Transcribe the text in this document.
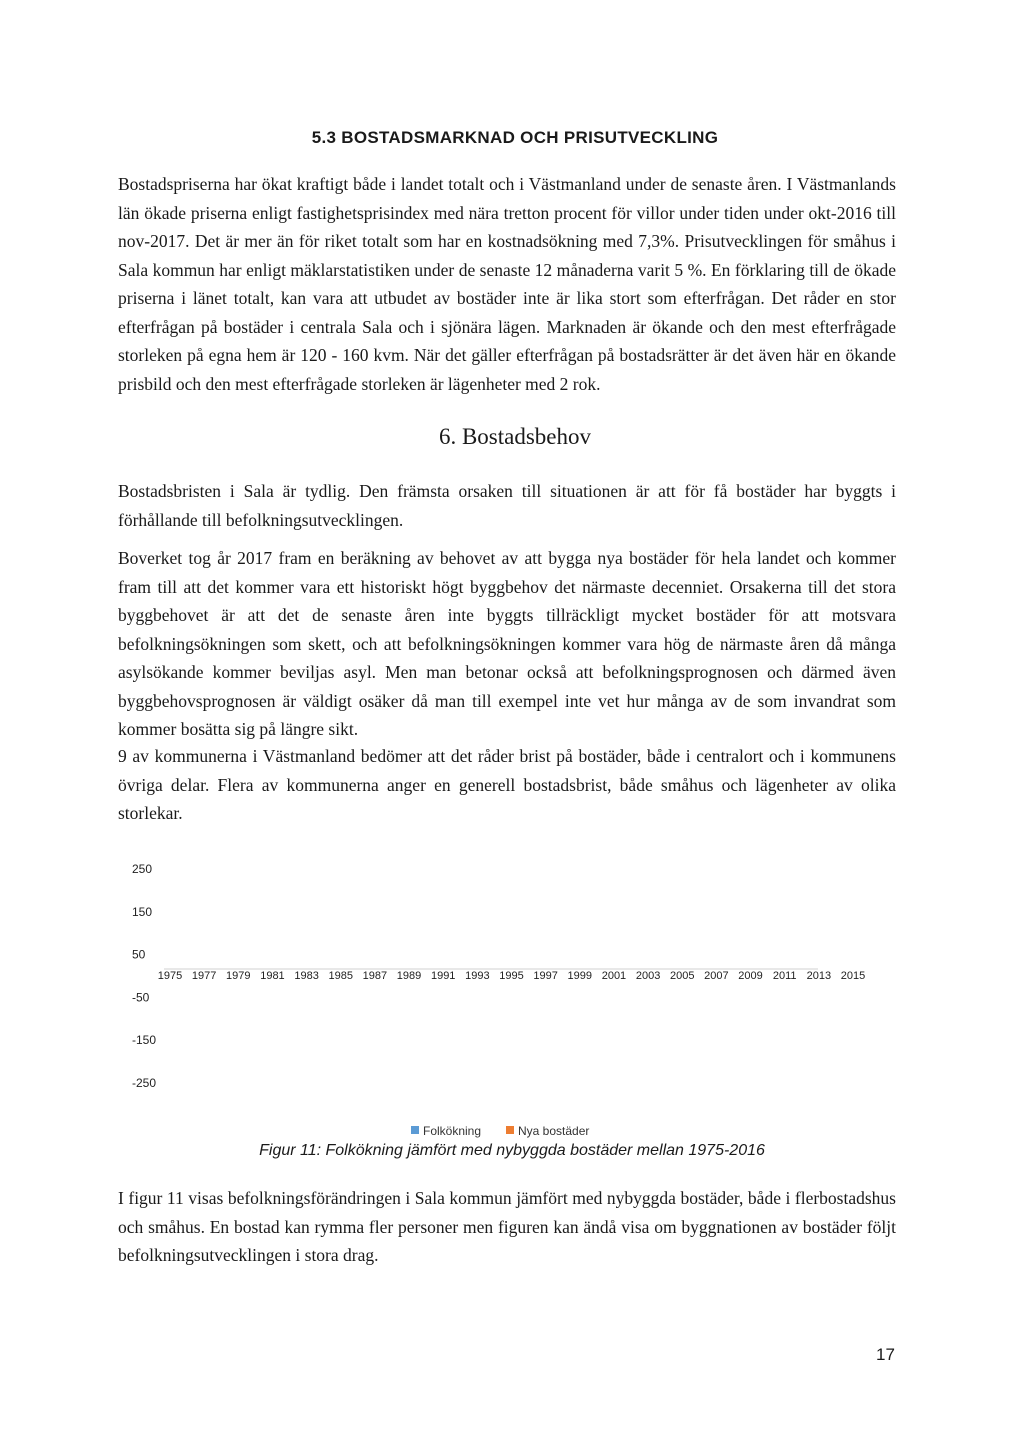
5.3 BOSTADSMARKNAD OCH PRISUTVECKLING
Bostadspriserna har ökat kraftigt både i landet totalt och i Västmanland under de senaste åren. I Västmanlands län ökade priserna enligt fastighetsprisindex med nära tretton procent för villor under tiden under okt-2016 till nov-2017. Det är mer än för riket totalt som har en kostnadsökning med 7,3%. Prisutvecklingen för småhus i Sala kommun har enligt mäklarstatistiken under de senaste 12 månaderna varit 5 %. En förklaring till de ökade priserna i länet totalt, kan vara att utbudet av bostäder inte är lika stort som efterfrågan. Det råder en stor efterfrågan på bostäder i centrala Sala och i sjönära lägen. Marknaden är ökande och den mest efterfrågade storleken på egna hem är 120 - 160 kvm. När det gäller efterfrågan på bostadsrätter är det även här en ökande prisbild och den mest efterfrågade storleken är lägenheter med 2 rok.
6. Bostadsbehov
Bostadsbristen i Sala är tydlig. Den främsta orsaken till situationen är att för få bostäder har byggts i förhållande till befolkningsutvecklingen.
Boverket tog år 2017 fram en beräkning av behovet av att bygga nya bostäder för hela landet och kommer fram till att det kommer vara ett historiskt högt byggbehov det närmaste decenniet. Orsakerna till det stora byggbehovet är att det de senaste åren inte byggts tillräckligt mycket bostäder för att motsvara befolkningsökningen som skett, och att befolkningsökningen kommer vara hög de närmaste åren då många asylsökande kommer beviljas asyl. Men man betonar också att befolkningsprognosen och därmed även byggbehovsprognosen är väldigt osäker då man till exempel inte vet hur många av de som invandrat som kommer bosätta sig på längre sikt.
9 av kommunerna i Västmanland bedömer att det råder brist på bostäder, både i centralort och i kommunens övriga delar. Flera av kommunerna anger en generell bostadsbrist, både småhus och lägenheter av olika storlekar.
250
150
50
-50
-150
-250
1975 1977 1979 1981 1983 1985 1987 1989 1991 1993 1995 1997 1999 2001 2003 2005 2007 2009 2011 2013 2015
Folkökning	Nya bostäder
Figur 11: Folkökning jämfört med nybyggda bostäder mellan 1975-2016
I figur 11 visas befolkningsförändringen i Sala kommun jämfört med nybyggda bostäder, både i flerbostadshus och småhus. En bostad kan rymma fler personer men figuren kan ändå visa om byggnationen av bostäder följt befolkningsutvecklingen i stora drag.
17
